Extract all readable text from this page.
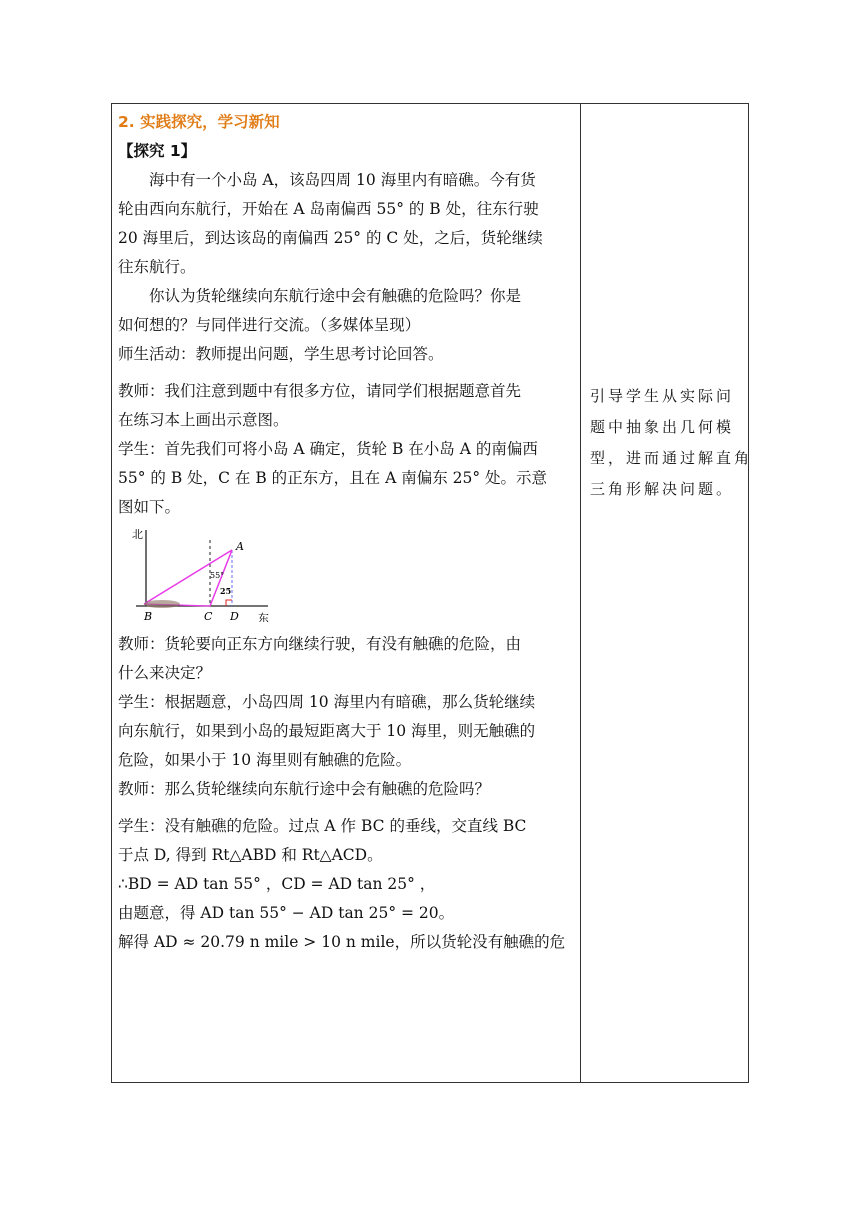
2. 实践探究，学习新知
【探究 1】
海中有一个小岛 A，该岛四周 10 海里内有暗礁。今有货
轮由西向东航行，开始在 A 岛南偏西 55° 的 B 处，往东行驶
20 海里后，到达该岛的南偏西 25° 的 C 处，之后，货轮继续
往东航行。
你认为货轮继续向东航行途中会有触礁的危险吗？你是
如何想的？与同伴进行交流。（多媒体呈现）
师生活动：教师提出问题，学生思考讨论回答。
教师：我们注意到题中有很多方位，请同学们根据题意首先
在练习本上画出示意图。
学生：首先我们可将小岛 A 确定，货轮 B 在小岛 A 的南偏西
55° 的 B 处，C 在 B 的正东方，且在 A 南偏东 25° 处。示意
图如下。
北
A
B	C D 东
55°
25
教师：货轮要向正东方向继续行驶，有没有触礁的危险，由
什么来决定？
学生：根据题意，小岛四周 10 海里内有暗礁，那么货轮继续
向东航行，如果到小岛的最短距离大于 10 海里，则无触礁的
危险，如果小于 10 海里则有触礁的危险。
教师：那么货轮继续向东航行途中会有触礁的危险吗？
学生：没有触礁的危险。过点 A 作 BC 的垂线，交直线 BC
于点 D, 得到 Rt△ABD 和 Rt△ACD。
∴BD = AD tan 55° ，CD = AD tan 25° ，
由题意，得 AD tan 55° − AD tan 25° = 20。
解得 AD ≈ 20.79 n mile > 10 n mile，所以货轮没有触礁的危
引导学生从实际问
题中抽象出几何模
型，进而通过解直角
三角形解决问题。
